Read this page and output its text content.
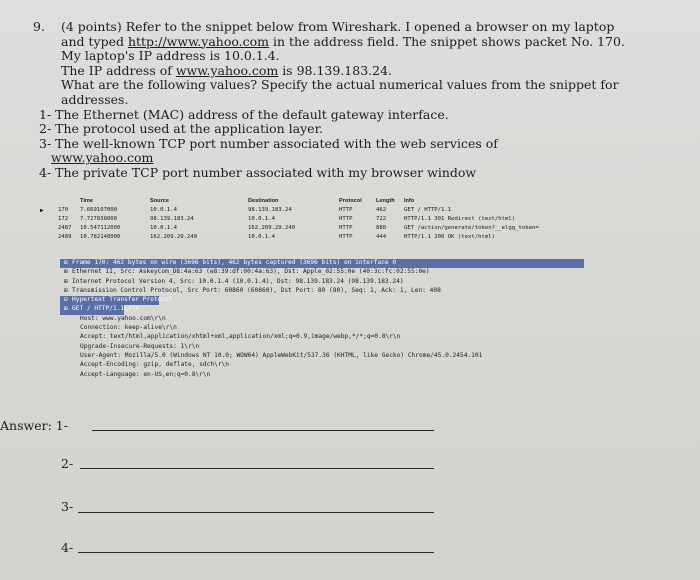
9. (4 points) Refer to the snippet below from Wireshark. I opened a browser on my laptop
and typed http://www.yahoo.com in the address field. The snippet shows packet No. 170.
My laptop's IP address is 10.0.1.4.
The IP address of www.yahoo.com is 98.139.183.24.
What are the following values? Specify the actual numerical values from the snippet for
addresses.
1- The Ethernet (MAC) address of the default gateway interface.
2- The protocol used at the application layer.
3- The well-known TCP port number associated with the web services of
www.yahoo.com
4- The private TCP port number associated with my browser window
Time	Source	Destination	Protocol	Length Info
▶	170 7.669107000	10.0.1.4	98.139.183.24	HTTP	462	GET / HTTP/1.1
172 7.727838000	98.139.183.24	10.0.1.4	HTTP	722	HTTP/1.1 301 Redirect (text/html)
2487 10.547112000	10.0.1.4	162.209.29.240	HTTP	880	GET /action/generate/token?__elgg_token=
2489 10.782148000	162.209.29.240	10.0.1.4	HTTP	444	HTTP/1.1 200 OK (text/html)
⊞ Frame 170: 462 bytes on wire (3696 bits), 462 bytes captured (3696 bits) on interface 0
⊞ Ethernet II, Src: AskeyCom_D8:4a:63 (e8:39:df:00:4a:63), Dst: Apple_02:55:0e (40:3c:fc:02:55:0e)
⊞ Internet Protocol Version 4, Src: 10.0.1.4 (10.0.1.4), Dst: 98.139.183.24 (98.139.183.24)
⊞ Transmission Control Protocol, Src Port: 60860 (60860), Dst Port: 80 (80), Seq: 1, Ack: 1, Len: 408
⊟ Hypertext Transfer Protocol
⊞ GET / HTTP/1.1\r\n
Host: www.yahoo.com\r\n
Connection: keep-alive\r\n
Accept: text/html,application/xhtml+xml,application/xml;q=0.9,image/webp,*/*;q=0.8\r\n
Upgrade-Insecure-Requests: 1\r\n
User-Agent: Mozilla/5.0 (Windows NT 10.0; WOW64) AppleWebKit/537.36 (KHTML, like Gecko) Chrome/45.0.2454.101
Accept-Encoding: gzip, deflate, sdch\r\n
Accept-Language: en-US,en;q=0.8\r\n
Answer: 1-
2-
3-
4-
